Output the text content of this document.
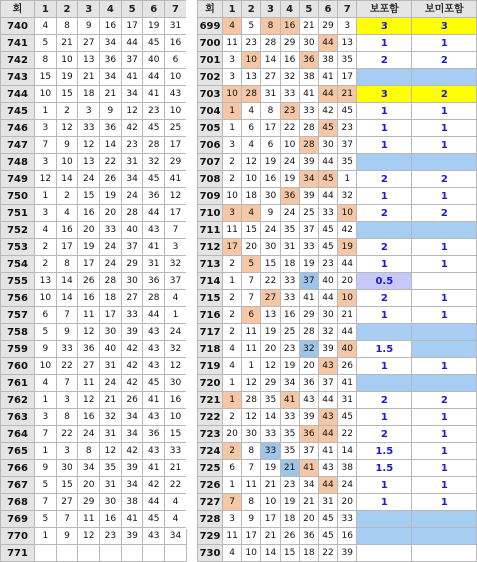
회	1	2	3	4	5	6	7
740	4	8	9	16	17	19	31
741	5	21	27	34	44	45	16
742	8	10	13	36	37	40	6
743	15	19	21	34	41	44	10
744	10	15	18	21	34	41	43
745	1	2	3	9	12	23	10
746	3	12	33	36	42	45	25
747	7	9	12	14	23	28	17
748	3	10	13	22	31	32	29
749	12	14	24	26	34	45	41
750	1	2	15	19	24	36	12
751	3	4	16	20	28	44	17
752	4	16	20	33	40	43	7
753	2	17	19	24	37	41	3
754	2	8	17	24	29	31	32
755	13	14	26	28	30	36	37
756	10	14	16	18	27	28	4
757	6	7	11	17	33	44	1
758	5	9	12	30	39	43	24
759	9	33	36	40	42	43	32
760	10	22	27	31	42	43	12
761	4	7	11	24	42	45	30
762	1	3	12	21	26	41	16
763	3	8	16	32	34	43	10
764	7	22	24	31	34	36	15
765	1	3	8	12	42	43	33
766	9	30	34	35	39	41	21
767	5	15	20	31	34	42	22
768	7	27	29	30	38	44	4
769	5	7	11	16	41	45	4
770	1	9	12	23	39	43	34
771							
회	1	2	3	4	5	6	7	보포함	보미포함
699	4	5	8	16	21	29	3	3	3
700	11	23	28	29	30	44	13	1	1
701	3	10	14	16	36	38	35	2	2
702	3	13	27	32	38	41	17		
703	10	28	31	33	41	44	21	3	2
704	1	4	8	23	33	42	45	1	1
705	1	6	17	22	28	45	23	1	1
706	3	4	6	10	28	30	37	1	1
707	2	12	19	24	39	44	35		
708	2	10	16	19	34	45	1	2	2
709	10	18	30	36	39	44	32	1	1
710	3	4	9	24	25	33	10	2	2
711	11	15	24	35	37	45	42		
712	17	20	30	31	33	45	19	2	1
713	2	5	15	18	19	23	44	1	1
714	1	7	22	33	37	40	20	0.5	
715	2	7	27	33	41	44	10	2	1
716	2	6	13	16	29	30	21	1	1
717	2	11	19	25	28	32	44		
718	4	11	20	23	32	39	40	1.5	
719	4	1	12	19	20	43	26	1	1
720	1	12	29	34	36	37	41		
721	1	28	35	41	43	44	31	2	2
722	2	12	14	33	39	43	45	1	1
723	20	30	33	35	36	44	22	2	1
724	2	8	33	35	37	41	14	1.5	1
725	6	7	19	21	41	43	38	1.5	1
726	1	11	21	23	34	44	24	1	1
727	7	8	10	19	21	31	20	1	1
728	3	9	17	18	20	45	33		
729	11	17	21	26	36	45	16		
730	4	10	14	15	18	22	39		
